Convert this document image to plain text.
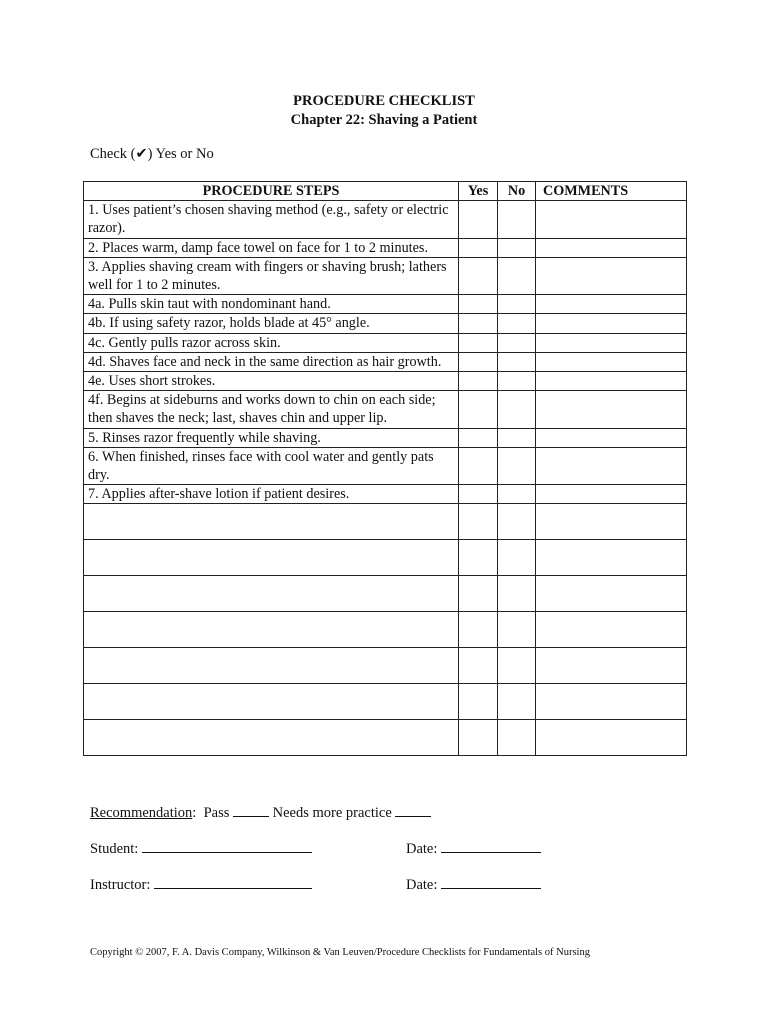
PROCEDURE CHECKLIST
Chapter 22: Shaving a Patient
Check (✔) Yes or No
PROCEDURE STEPS	Yes	No	COMMENTS
1. Uses patient’s chosen shaving method (e.g., safety or electric razor).			
2. Places warm, damp face towel on face for 1 to 2 minutes.			
3. Applies shaving cream with fingers or shaving brush; lathers well for 1 to 2 minutes.			
4a. Pulls skin taut with nondominant hand.			
4b. If using safety razor, holds blade at 45° angle.			
4c. Gently pulls razor across skin.			
4d. Shaves face and neck in the same direction as hair growth.			
4e. Uses short strokes.			
4f. Begins at sideburns and works down to chin on each side; then shaves the neck; last, shaves chin and upper lip.			
5. Rinses razor frequently while shaving.			
6. When finished, rinses face with cool water and gently pats dry.			
7. Applies after-shave lotion if patient desires.			

Recommendation:  Pass	Needs more practice
Student:	Date:
Instructor:	Date:
Copyright © 2007, F. A. Davis Company, Wilkinson & Van Leuven/Procedure Checklists for Fundamentals of Nursing
